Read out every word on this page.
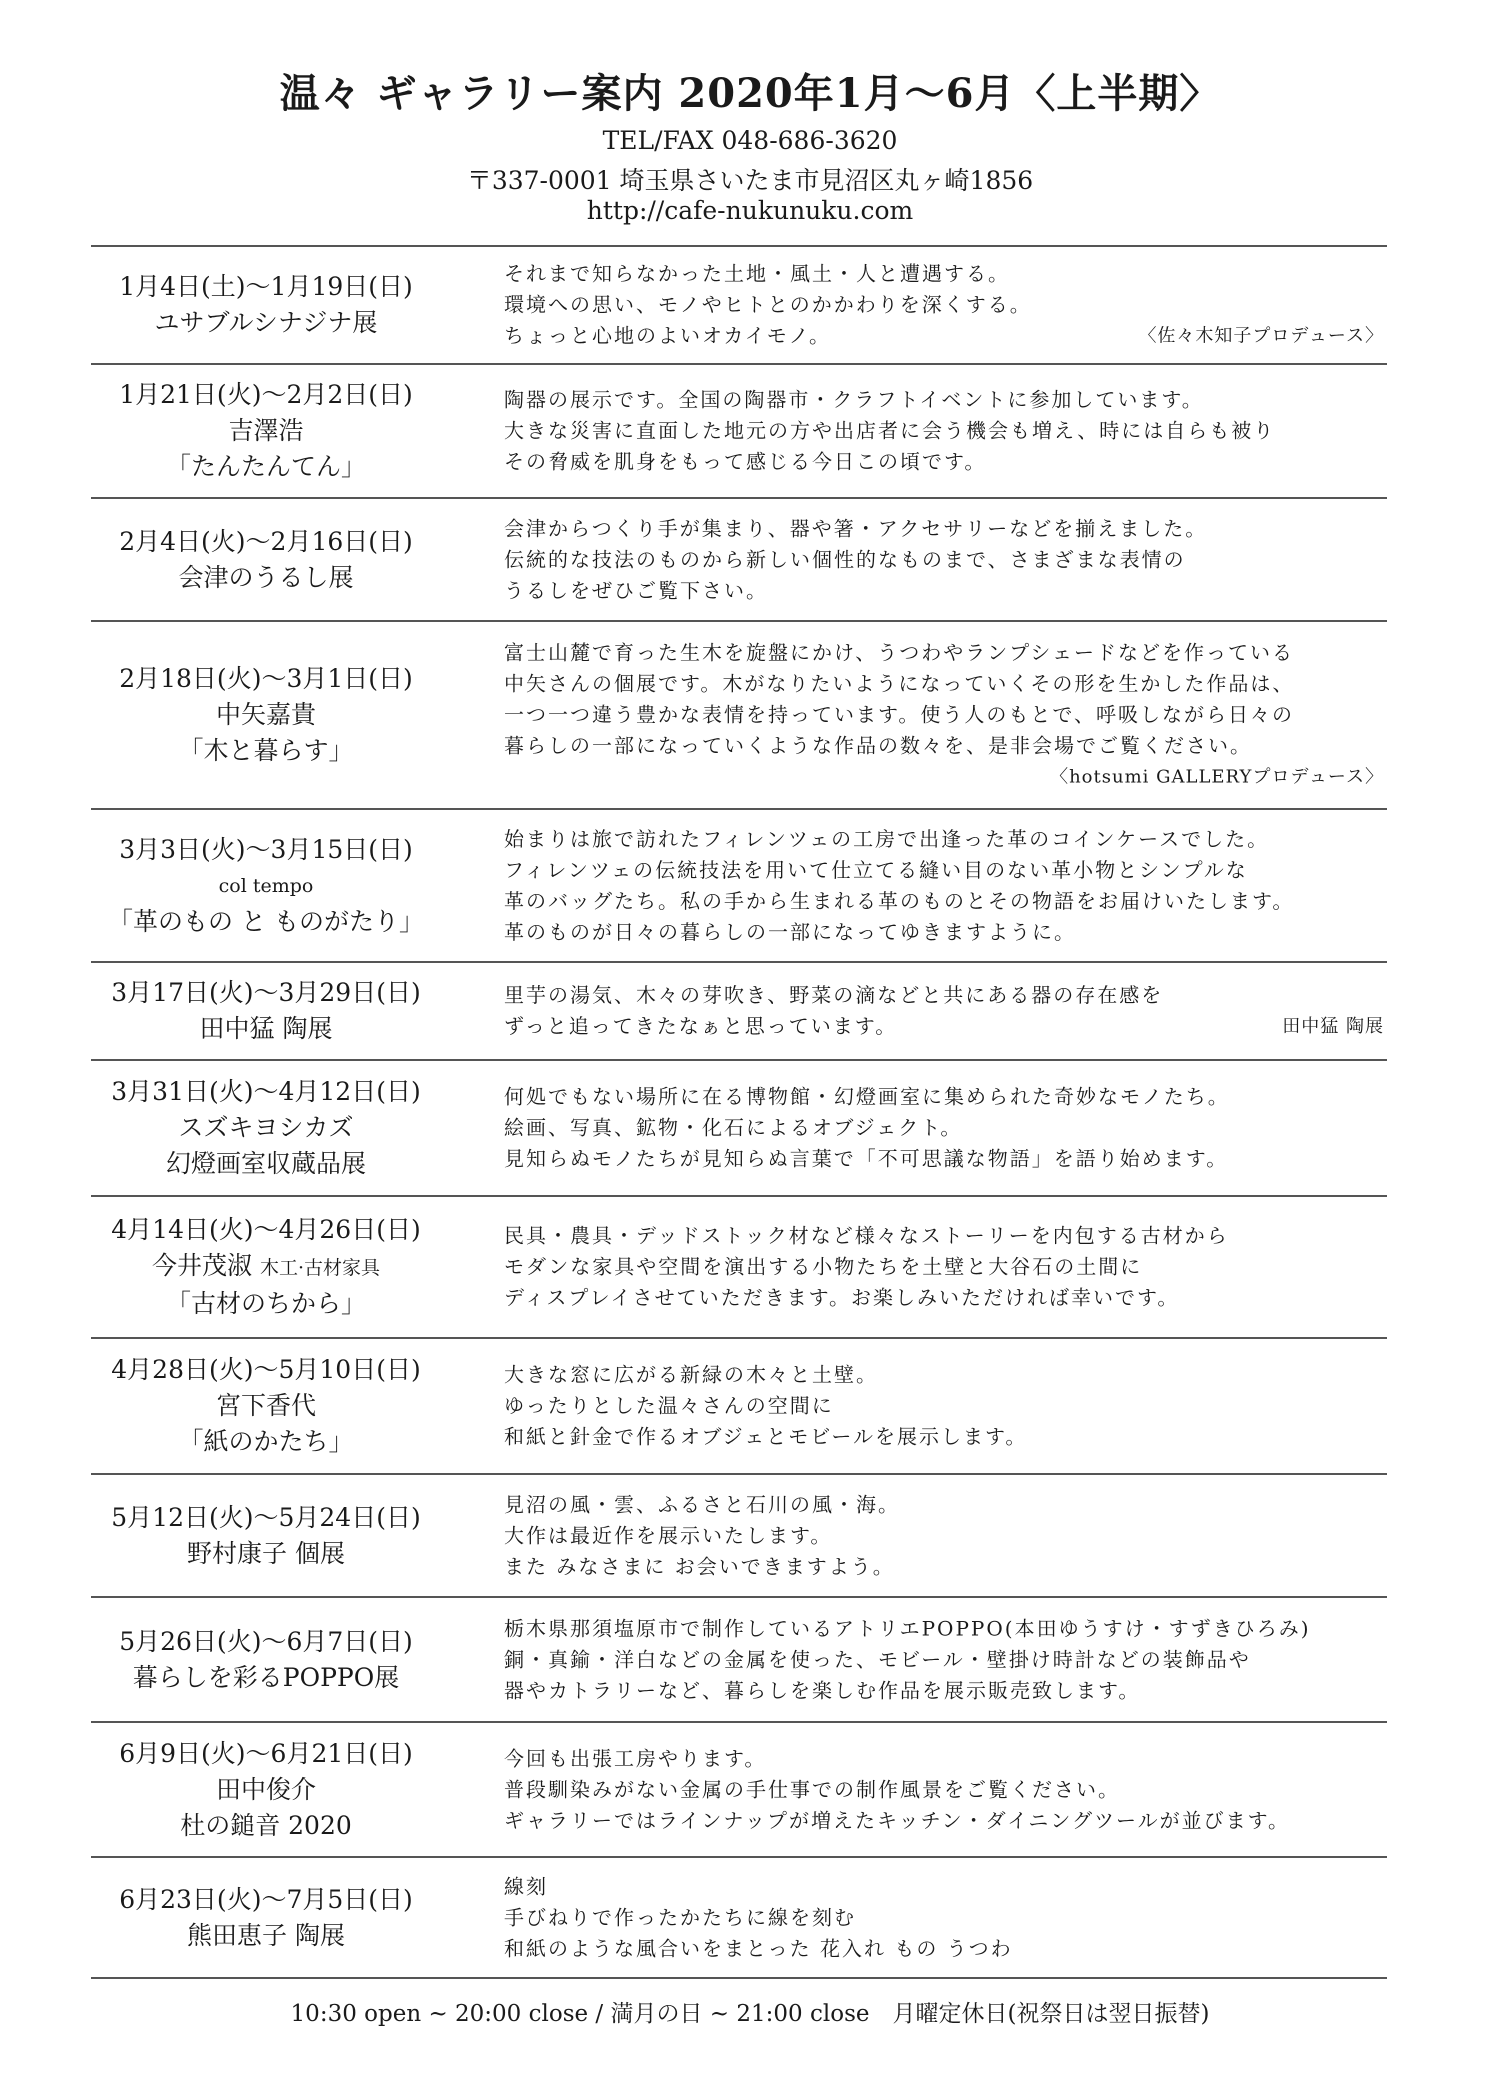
温々 ギャラリー案内 2020年1月〜6月〈上半期〉
TEL/FAX 048-686-3620
〒337-0001 埼玉県さいたま市見沼区丸ヶ崎1856
http://cafe-nukunuku.com
1月4日(土)〜1月19日(日)
ユサブルシナジナ展
それまで知らなかった土地・風土・人と遭遇する。
環境への思い、モノやヒトとのかかわりを深くする。
〈佐々木知子プロデュース〉
ちょっと心地のよいオカイモノ。
1月21日(火)〜2月2日(日)
吉澤浩
「たんたんてん」
陶器の展示です。全国の陶器市・クラフトイベントに参加しています。
大きな災害に直面した地元の方や出店者に会う機会も増え、時には自らも被り
その脅威を肌身をもって感じる今日この頃です。
2月4日(火)〜2月16日(日)
会津のうるし展
会津からつくり手が集まり、器や箸・アクセサリーなどを揃えました。
伝統的な技法のものから新しい個性的なものまで、さまざまな表情の
うるしをぜひご覧下さい。
2月18日(火)〜3月1日(日)
中矢嘉貴
「木と暮らす」
富士山麓で育った生木を旋盤にかけ、うつわやランプシェードなどを作っている
中矢さんの個展です。木がなりたいようになっていくその形を生かした作品は、
一つ一つ違う豊かな表情を持っています。使う人のもとで、呼吸しながら日々の
暮らしの一部になっていくような作品の数々を、是非会場でご覧ください。
〈hotsumi GALLERYプロデュース〉
3月3日(火)〜3月15日(日)
col tempo
「革のもの と ものがたり」
始まりは旅で訪れたフィレンツェの工房で出逢った革のコインケースでした。
フィレンツェの伝統技法を用いて仕立てる縫い目のない革小物とシンプルな
革のバッグたち。私の手から生まれる革のものとその物語をお届けいたします。
革のものが日々の暮らしの一部になってゆきますように。
3月17日(火)〜3月29日(日)
田中猛 陶展
里芋の湯気、木々の芽吹き、野菜の滴などと共にある器の存在感を
田中猛 陶展
ずっと追ってきたなぁと思っています。
3月31日(火)〜4月12日(日)
スズキヨシカズ
幻燈画室収蔵品展
何処でもない場所に在る博物館・幻燈画室に集められた奇妙なモノたち。
絵画、写真、鉱物・化石によるオブジェクト。
見知らぬモノたちが見知らぬ言葉で「不可思議な物語」を語り始めます。
4月14日(火)〜4月26日(日)
今井茂淑 木工·古材家具
「古材のちから」
民具・農具・デッドストック材など様々なストーリーを内包する古材から
モダンな家具や空間を演出する小物たちを土壁と大谷石の土間に
ディスプレイさせていただきます。お楽しみいただければ幸いです。
4月28日(火)〜5月10日(日)
宮下香代
「紙のかたち」
大きな窓に広がる新緑の木々と土壁。
ゆったりとした温々さんの空間に
和紙と針金で作るオブジェとモビールを展示します。
5月12日(火)〜5月24日(日)
野村康子 個展
見沼の風・雲、ふるさと石川の風・海。
大作は最近作を展示いたします。
また みなさまに お会いできますよう。
5月26日(火)〜6月7日(日)
暮らしを彩るPOPPO展
栃木県那須塩原市で制作しているアトリエPOPPO(本田ゆうすけ・すずきひろみ)
銅・真鍮・洋白などの金属を使った、モビール・壁掛け時計などの装飾品や
器やカトラリーなど、暮らしを楽しむ作品を展示販売致します。
6月9日(火)〜6月21日(日)
田中俊介
杜の鎚音 2020
今回も出張工房やります。
普段馴染みがない金属の手仕事での制作風景をご覧ください。
ギャラリーではラインナップが増えたキッチン・ダイニングツールが並びます。
6月23日(火)〜7月5日(日)
熊田恵子 陶展
線刻
手びねりで作ったかたちに線を刻む
和紙のような風合いをまとった 花入れ もの うつわ
10:30 open ~ 20:00 close / 満月の日 ~ 21:00 close　月曜定休日(祝祭日は翌日振替)
